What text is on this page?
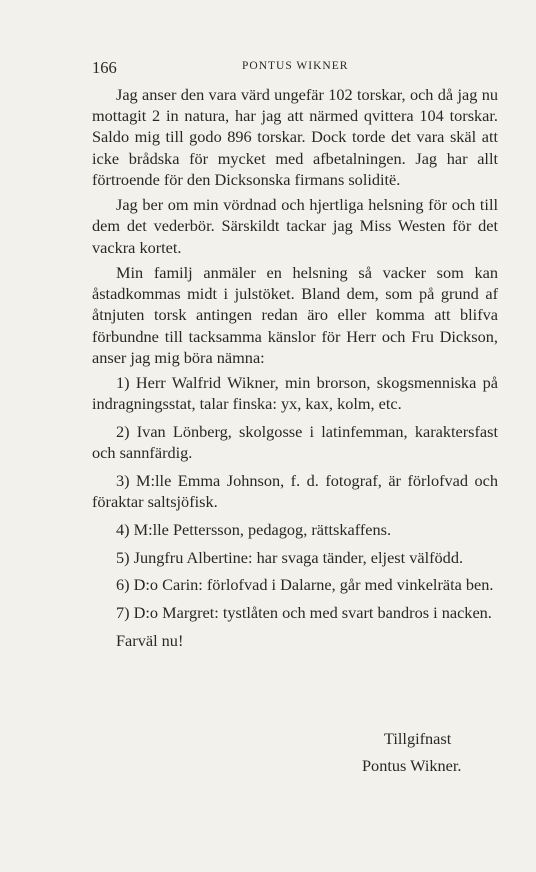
166	PONTUS WIKNER

Jag anser den vara värd ungefär 102 torskar, och då jag nu mottagit 2 in natura, har jag att närmed qvittera 104 torskar. Saldo mig till godo 896 torskar. Dock torde det vara skäl att icke brådska för mycket med afbetalningen. Jag har allt förtroende för den Dicksonska firmans soliditë.

Jag ber om min vördnad och hjertliga helsning för och till dem det vederbör. Särskildt tackar jag Miss Westen för det vackra kortet.

Min familj anmäler en helsning så vacker som kan åstadkommas midt i julstöket. Bland dem, som på grund af åtnjuten torsk antingen redan äro eller komma att blifva förbundne till tacksamma känslor för Herr och Fru Dickson, anser jag mig böra nämna:

1) Herr Walfrid Wikner, min brorson, skogsmenniska på indragningsstat, talar finska: yx, kax, kolm, etc.

2) Ivan Lönberg, skolgosse i latinfemman, karaktersfast och sannfärdig.

3) M:lle Emma Johnson, f. d. fotograf, är förlofvad och föraktar saltsjöfisk.

4) M:lle Pettersson, pedagog, rättskaffens.

5) Jungfru Albertine: har svaga tänder, eljest välfödd.

6) D:o Carin: förlofvad i Dalarne, går med vinkelräta ben.

7) D:o Margret: tystlåten och med svart bandros i nacken.

Farväl nu!

Tillgifnast
Pontus Wikner.
